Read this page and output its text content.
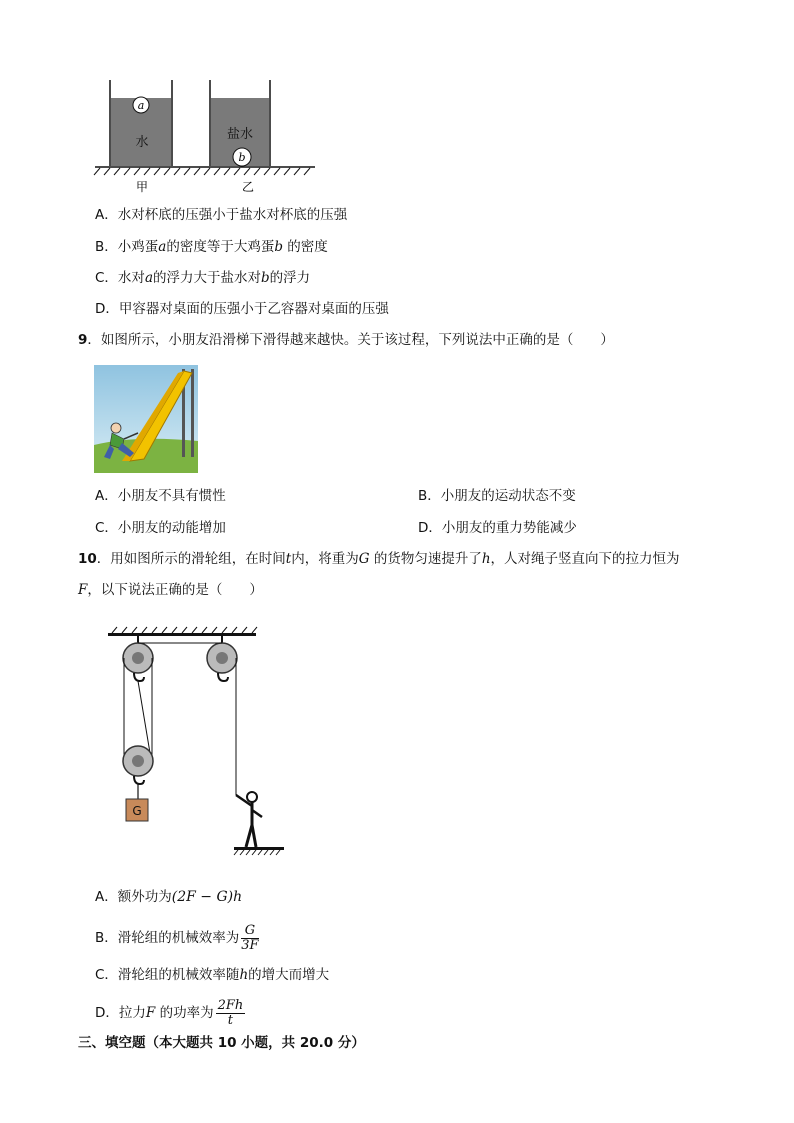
a
b
水
盐水
甲	乙
A．水对杯底的压强小于盐水对杯底的压强
B．小鸡蛋a的密度等于大鸡蛋b 的密度
C．水对a的浮力大于盐水对b的浮力
D．甲容器对桌面的压强小于乙容器对桌面的压强
9．如图所示，小朋友沿滑梯下滑得越来越快。关于该过程，下列说法中正确的是（　　）
A．小朋友不具有惯性	B．小朋友的运动状态不变
C．小朋友的动能增加	D．小朋友的重力势能减少
10．用如图所示的滑轮组，在时间t内，将重为G 的货物匀速提升了h，人对绳子竖直向下的拉力恒为
F，以下说法正确的是（　　）
G
A．额外功为(2F − G)h
B．滑轮组的机械效率为 $\frac{G}{3F}$
C．滑轮组的机械效率随h的增大而增大
D．拉力F 的功率为 $\frac{2Fh}{t}$
三、填空题（本大题共 10 小题，共 20.0 分）
